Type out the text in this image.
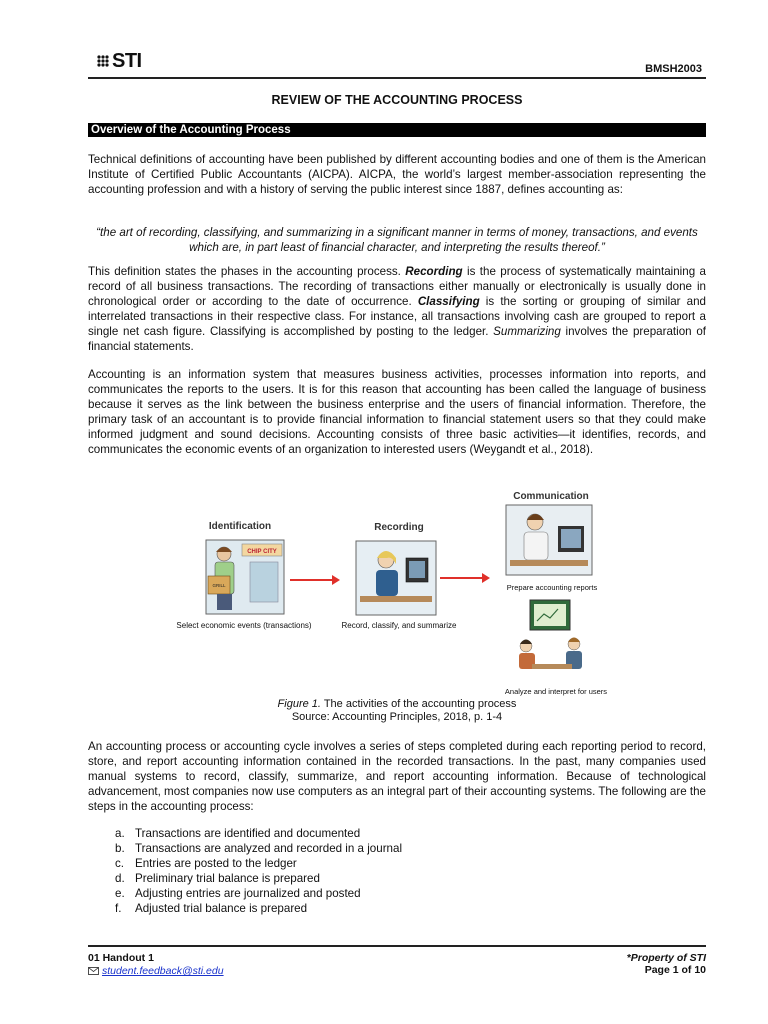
STI	BMSH2003
REVIEW OF THE ACCOUNTING PROCESS
Overview of the Accounting Process
Technical definitions of accounting have been published by different accounting bodies and one of them is the American Institute of Certified Public Accountants (AICPA). AICPA, the world’s largest member-association representing the accounting profession and with a history of serving the public interest since 1887, defines accounting as:
“the art of recording, classifying, and summarizing in a significant manner in terms of money, transactions, and events which are, in part least of financial character, and interpreting the results thereof.”
This definition states the phases in the accounting process. Recording is the process of systematically maintaining a record of all business transactions. The recording of transactions either manually or electronically is usually done in chronological order or according to the date of occurrence. Classifying is the sorting or grouping of similar and interrelated transactions in their respective class. For instance, all transactions involving cash are grouped to report a single net cash figure. Classifying is accomplished by posting to the ledger. Summarizing involves the preparation of financial statements.
Accounting is an information system that measures business activities, processes information into reports, and communicates the reports to the users. It is for this reason that accounting has been called the language of business because it serves as the link between the business enterprise and the users of financial information. Therefore, the primary task of an accountant is to provide financial information to financial statement users so that they could make informed judgment and sound decisions. Accounting consists of three basic activities—it identifies, records, and communicates the economic events of an organization to interested users (Weygandt et al., 2018).
Identification
CHIP CITY
GRILL
Select economic events (transactions)
Recording
Record, classify, and summarize
Communication
Prepare accounting reports
Analyze and interpret for users
Figure 1. The activities of the accounting process
Source: Accounting Principles, 2018, p. 1-4
An accounting process or accounting cycle involves a series of steps completed during each reporting period to record, store, and report accounting information contained in the recorded transactions. In the past, many companies used manual systems to record, classify, summarize, and report accounting information. Because of technological advancement, most companies now use computers as an integral part of their accounting systems. The following are the steps in the accounting process:
a. Transactions are identified and documented
b. Transactions are analyzed and recorded in a journal
c. Entries are posted to the ledger
d. Preliminary trial balance is prepared
e. Adjusting entries are journalized and posted
f. Adjusted trial balance is prepared
01 Handout 1
student.feedback@sti.edu
*Property of STI
Page 1 of 10
